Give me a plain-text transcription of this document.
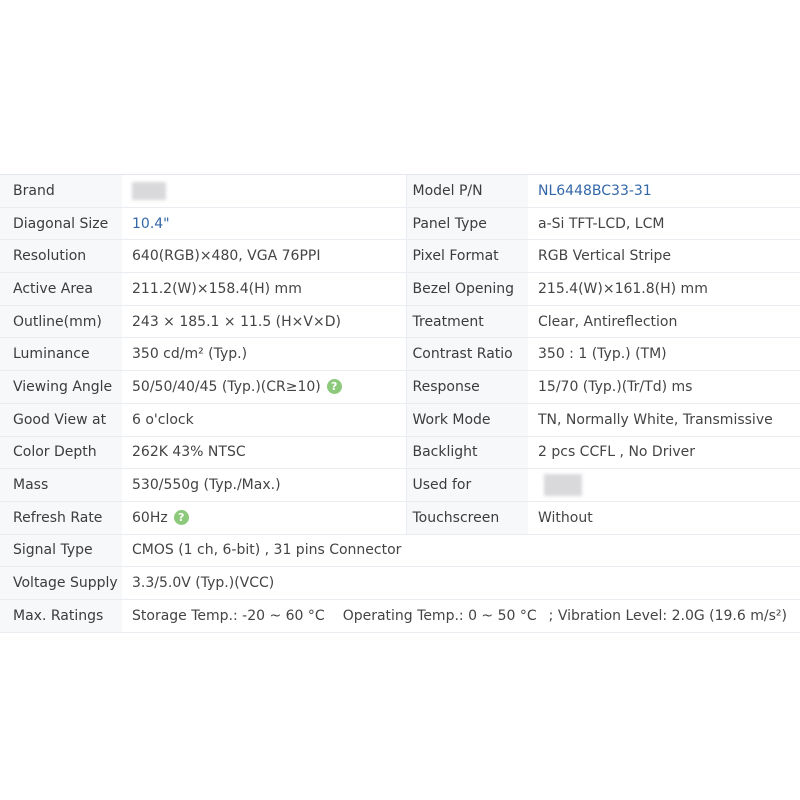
Brand		Model P/N	NL6448BC33-31
Diagonal Size	10.4"	Panel Type	a-Si TFT-LCD, LCM
Resolution	640(RGB)×480, VGA 76PPI	Pixel Format	RGB Vertical Stripe
Active Area	211.2(W)×158.4(H) mm	Bezel Opening	215.4(W)×161.8(H) mm
Outline(mm)	243 × 185.1 × 11.5 (H×V×D)	Treatment	Clear, Antireflection
Luminance	350 cd/m² (Typ.)	Contrast Ratio	350 : 1 (Typ.) (TM)
Viewing Angle	50/50/40/45 (Typ.)(CR≥10) ?	Response	15/70 (Typ.)(Tr/Td) ms
Good View at	6 o'clock	Work Mode	TN, Normally White, Transmissive
Color Depth	262K 43% NTSC	Backlight	2 pcs CCFL , No Driver
Mass	530/550g (Typ./Max.)	Used for	
Refresh Rate	60Hz ?	Touchscreen	Without
Signal Type	CMOS (1 ch, 6-bit) , 31 pins Connector		
Voltage Supply	3.3/5.0V (Typ.)(VCC)		
Max. Ratings	Storage Temp.: -20 ~ 60 °C Operating Temp.: 0 ~ 50 °C ; Vibration Level: 2.0G (19.6 m/s²)		
